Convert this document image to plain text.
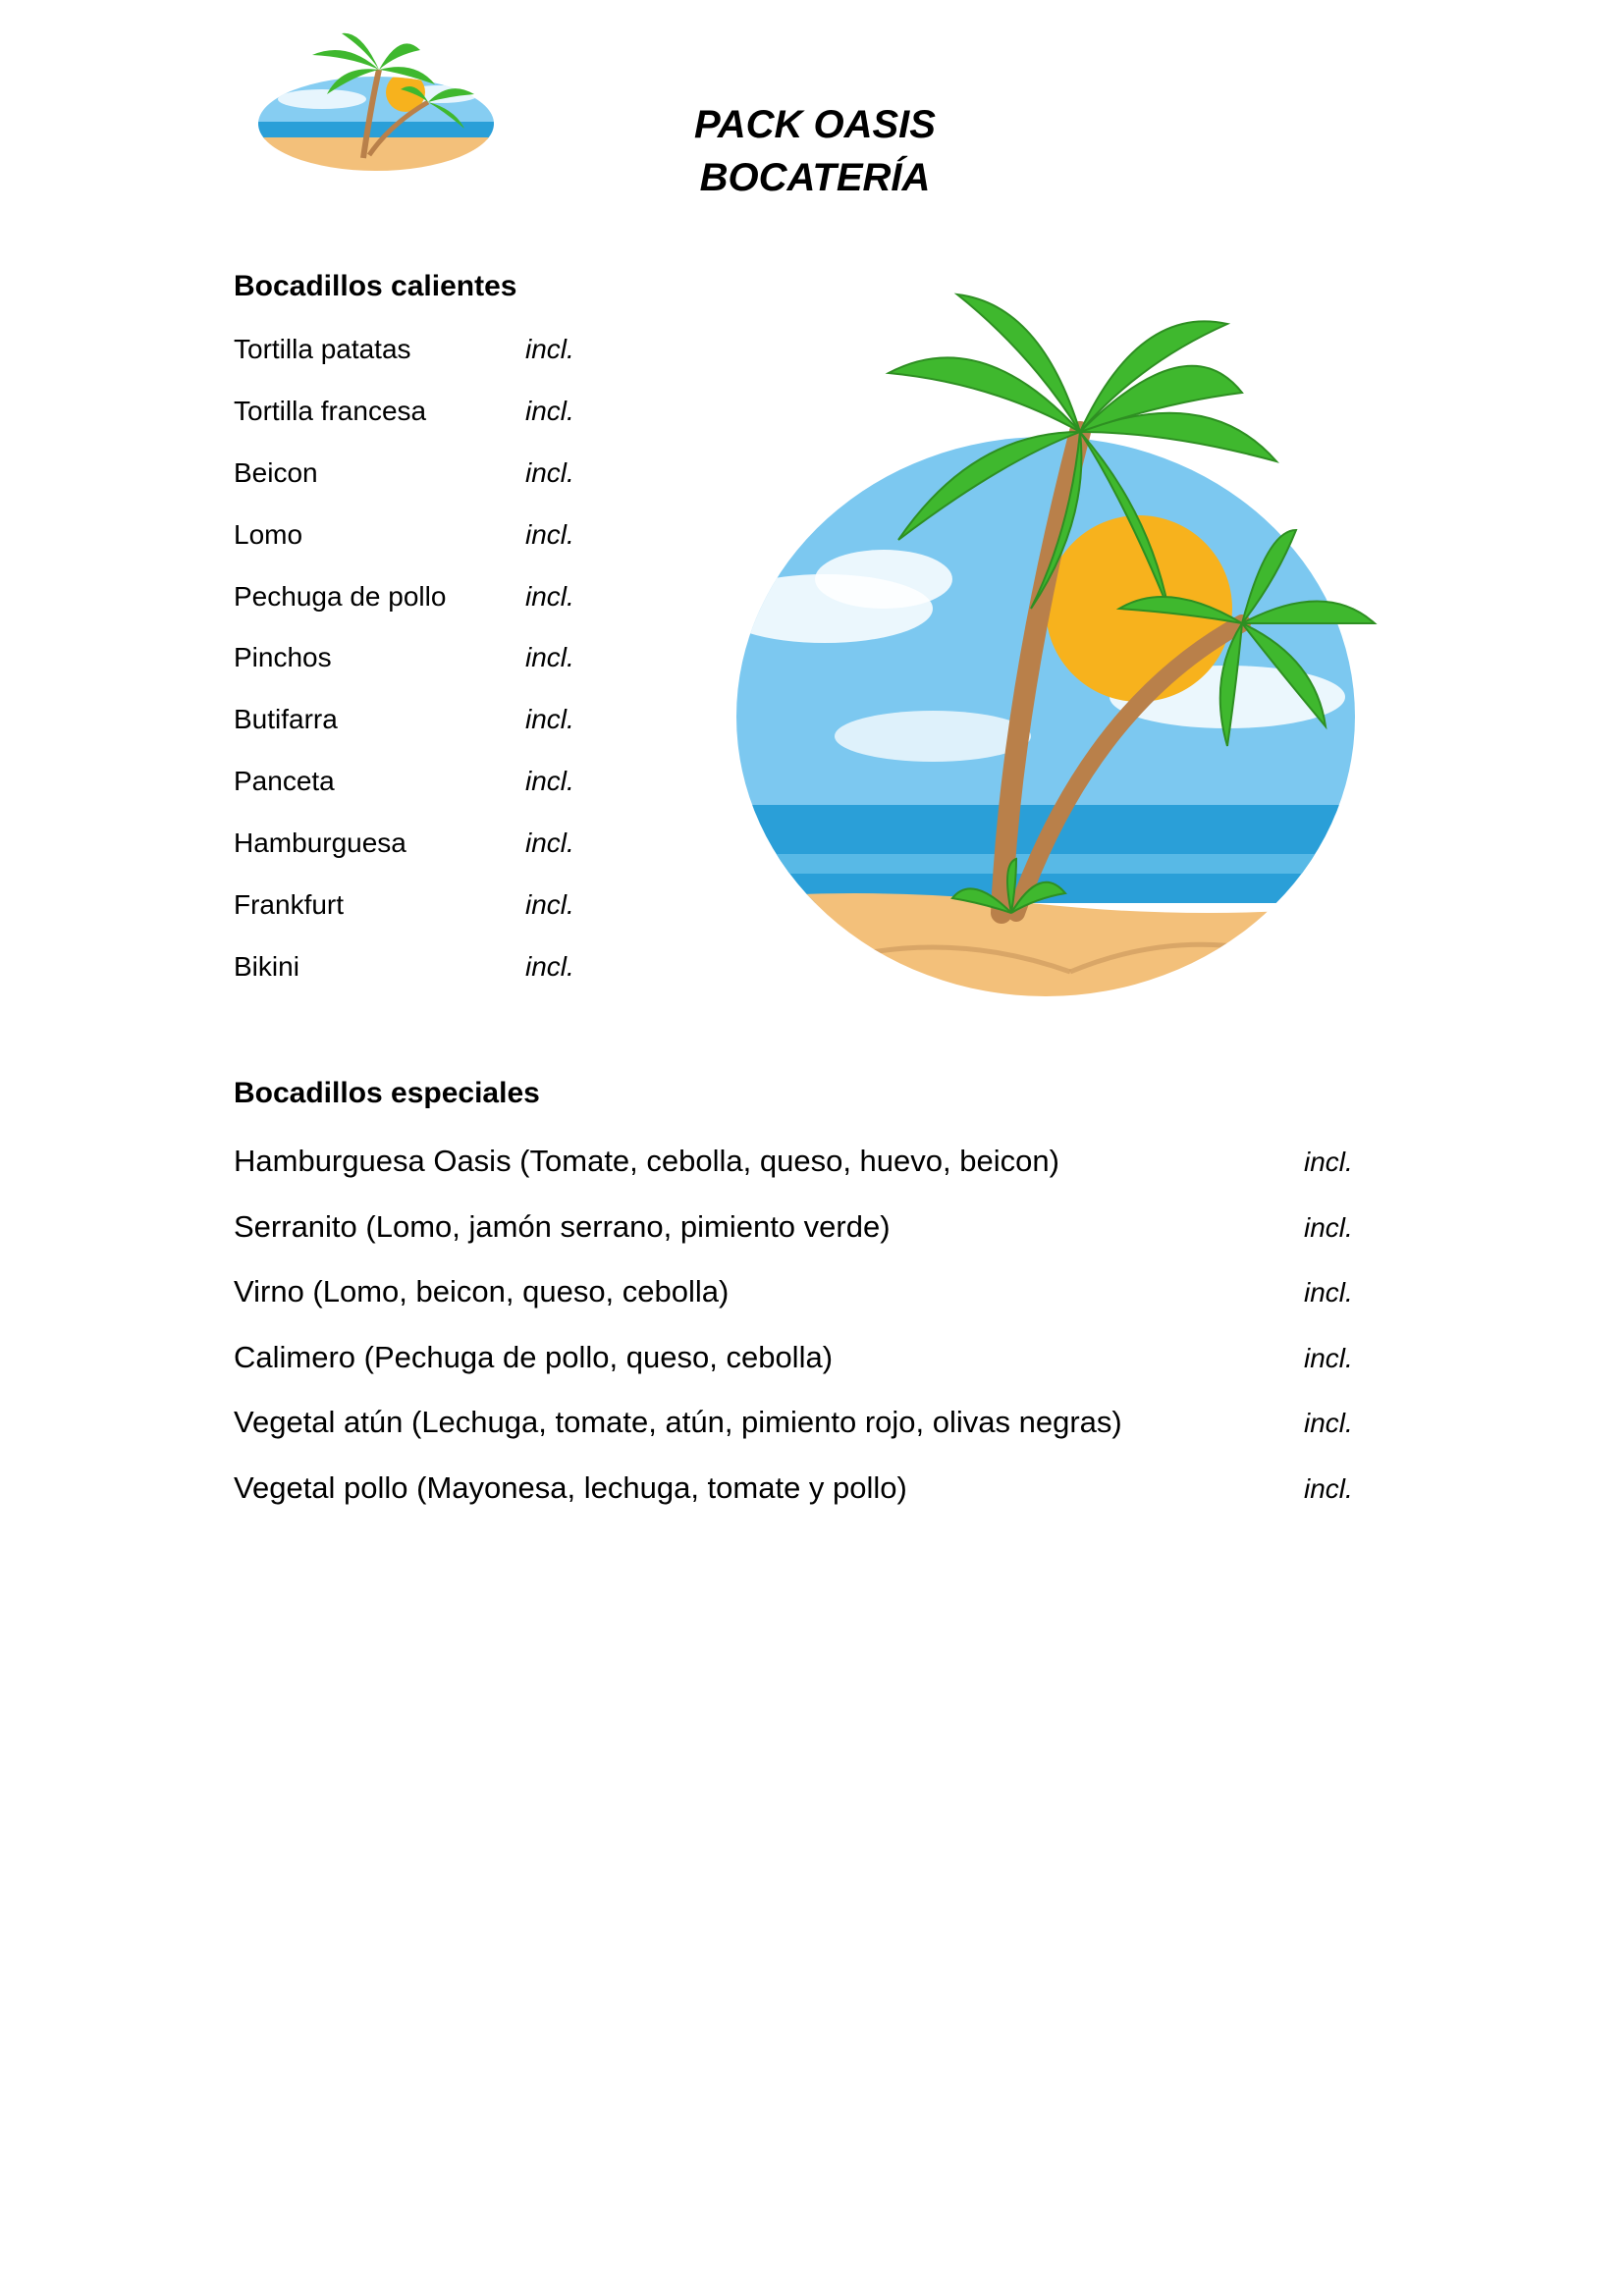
PACK OASIS
BOCATERÍA
Bocadillos calientes
Tortilla patatas	incl.
Tortilla francesa	incl.
Beicon	incl.
Lomo	incl.
Pechuga de pollo	incl.
Pinchos	incl.
Butifarra	incl.
Panceta	incl.
Hamburguesa	incl.
Frankfurt	incl.
Bikini	incl.
Bocadillos especiales
Hamburguesa Oasis (Tomate, cebolla, queso, huevo, beicon)	incl.
Serranito (Lomo, jamón serrano, pimiento verde)	incl.
Virno (Lomo, beicon, queso, cebolla)	incl.
Calimero (Pechuga de pollo, queso, cebolla)	incl.
Vegetal atún (Lechuga, tomate, atún, pimiento rojo, olivas negras)	incl.
Vegetal pollo (Mayonesa, lechuga, tomate y pollo)	incl.
